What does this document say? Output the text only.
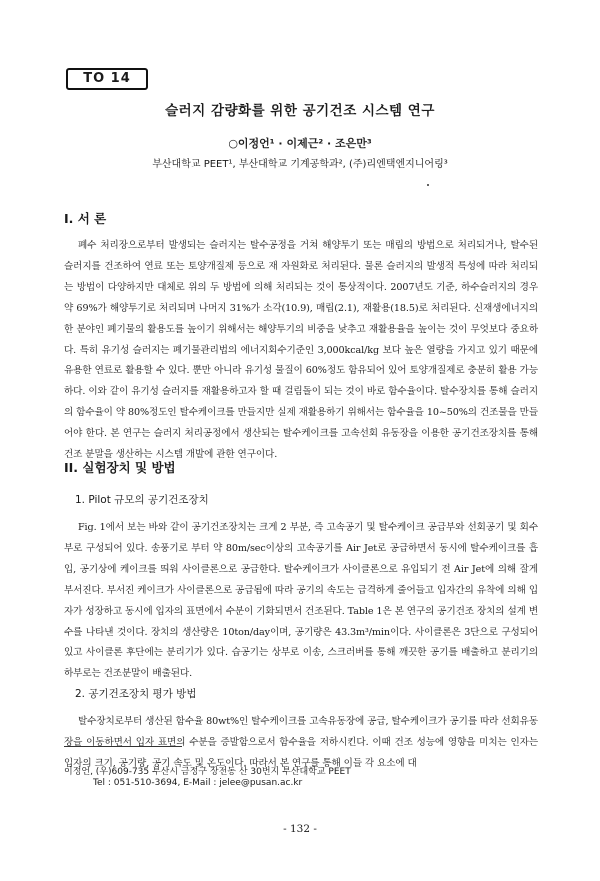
TO 14
슬러지 감량화를 위한 공기건조 시스템 연구
○이정언¹ · 이제근² · 조은만³
부산대학교 PEET¹, 부산대학교 기계공학과², (주)리엔택엔지니어링³
I. 서 론
폐수 처리장으로부터 발생되는 슬러지는 탈수공정을 거쳐 해양투기 또는 매립의 방법으로 처리되거나, 탈수된 슬러지를 건조하여 연료 또는 토양개질제 등으로 재 자원화로 처리된다. 물론 슬러지의 발생적 특성에 따라 처리되는 방법이 다양하지만 대체로 위의 두 방법에 의해 처리되는 것이 통상적이다. 2007년도 기준, 하수슬러지의 경우 약 69%가 해양투기로 처리되며 나머지 31%가 소각(10.9), 매립(2.1), 재활용(18.5)로 처리된다. 신재생에너지의 한 분야인 폐기물의 활용도를 높이기 위해서는 해양투기의 비중을 낮추고 재활용율을 높이는 것이 무엇보다 중요하다. 특히 유기성 슬러지는 폐기물관리법의 에너지회수기준인 3,000kcal/kg 보다 높은 열량을 가지고 있기 때문에 유용한 연료로 활용할 수 있다. 뿐만 아니라 유기성 물질이 60%정도 함유되어 있어 토양개질제로 충분히 활용 가능하다. 이와 같이 유기성 슬러지를 재활용하고자 할 때 걸림돌이 되는 것이 바로 함수율이다. 탈수장치를 통해 슬러지의 함수율이 약 80%정도인 탈수케이크를 만들지만 실제 재활용하기 위해서는 함수율을 10~50%의 건조물을 만들어야 한다. 본 연구는 슬러지 처리공정에서 생산되는 탈수케이크를 고속선회 유동장을 이용한 공기건조장치를 통해 건조 분말을 생산하는 시스템 개발에 관한 연구이다.
II. 실험장치 및 방법
1. Pilot 규모의 공기건조장치
Fig. 1에서 보는 바와 같이 공기건조장치는 크게 2 부분, 즉 고속공기 및 탈수케이크 공급부와 선회공기 및 회수부로 구성되어 있다. 송풍기로 부터 약 80m/sec이상의 고속공기를 Air Jet로 공급하면서 동시에 탈수케이크를 흡입, 공기상에 케이크를 띄워 사이클론으로 공급한다. 탈수케이크가 사이클론으로 유입되기 전 Air Jet에 의해 잘게 부서진다. 부서진 케이크가 사이클론으로 공급됨에 따라 공기의 속도는 급격하게 줄어들고 입자간의 유착에 의해 입자가 성장하고 동시에 입자의 표면에서 수분이 기화되면서 건조된다. Table 1은 본 연구의 공기건조 장치의 설계 변수를 나타낸 것이다. 장치의 생산량은 10ton/day이며, 공기량은 43.3m³/min이다. 사이클론은 3단으로 구성되어 있고 사이클론 후단에는 분리기가 있다. 습공기는 상부로 이송, 스크러버를 통해 깨끗한 공기를 배출하고 분리기의 하부로는 건조분말이 배출된다.
2. 공기건조장치 평가 방법
탈수장치로부터 생산된 함수율 80wt%인 탈수케이크를 고속유동장에 공급, 탈수케이크가 공기를 따라 선회유동장을 이동하면서 입자 표면의 수분을 증발함으로서 함수율을 저하시킨다. 이때 건조 성능에 영향을 미치는 인자는 입자의 크기, 공기량, 공기 속도 및 온도이다. 따라서 본 연구를 통해 이들 각 요소에 대
이정언, (우)609-735 부산시 금정구 장전동 산 30번지 부산대학교 PEET
Tel : 051-510-3694, E-Mail : jelee@pusan.ac.kr
- 132 -
